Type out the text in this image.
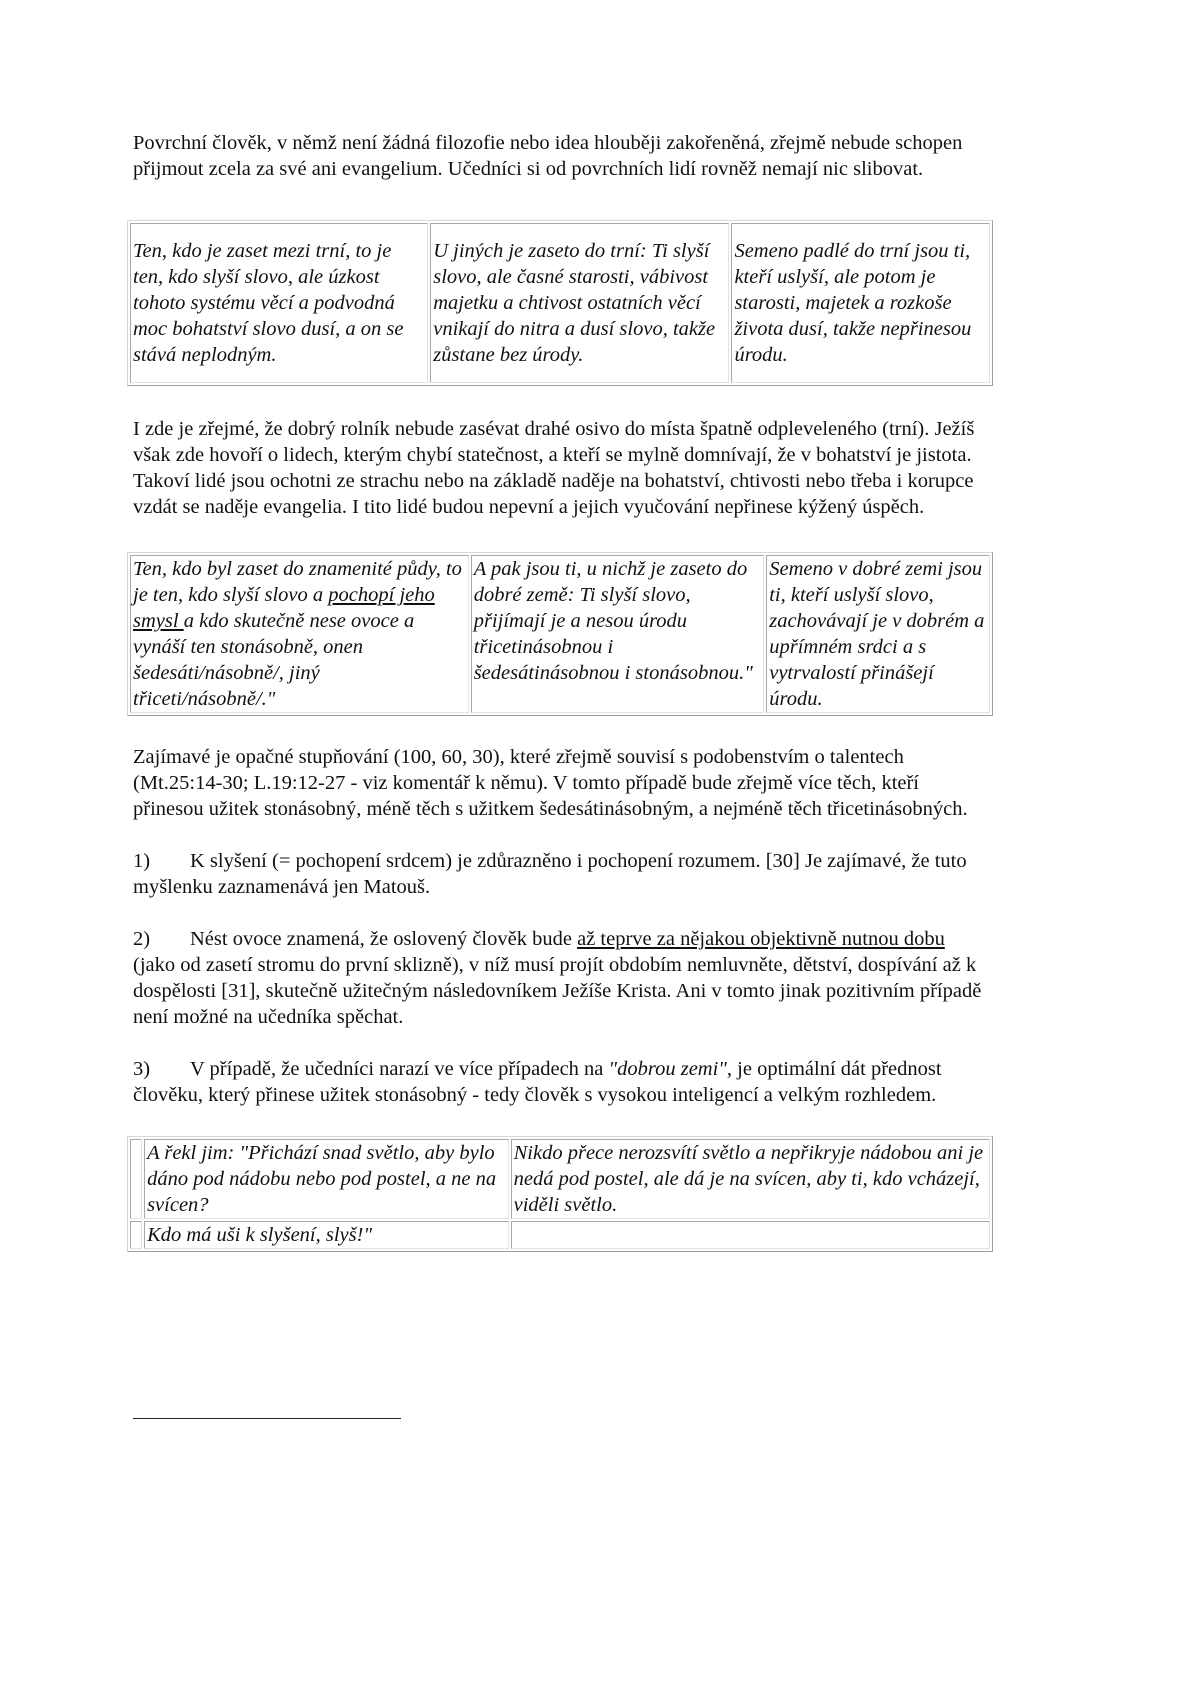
Povrchní člověk, v němž není žádná filozofie nebo idea hlouběji zakořeněná, zřejmě nebude schopen přijmout zcela za své ani evangelium. Učedníci si od povrchních lidí rovněž nemají nic slibovat.

Ten, kdo je zaset mezi trní, to je ten, kdo slyší slovo, ale úzkost tohoto systému věcí a podvodná moc bohatství slovo dusí, a on se stává neplodným.	U jiných je zaseto do trní: Ti slyší slovo, ale časné starosti, vábivost majetku a chtivost ostatních věcí vnikají do nitra a dusí slovo, takže zůstane bez úrody.	Semeno padlé do trní jsou ti, kteří uslyší, ale potom je starosti, majetek a rozkoše života dusí, takže nepřinesou úrodu.

I zde je zřejmé, že dobrý rolník nebude zasévat drahé osivo do místa špatně odpleveleného (trní). Ježíš však zde hovoří o lidech, kterým chybí statečnost, a kteří se mylně domnívají, že v bohatství je jistota. Takoví lidé jsou ochotni ze strachu nebo na základě naděje na bohatství, chtivosti nebo třeba i korupce vzdát se naděje evangelia. I tito lidé budou nepevní a jejich vyučování nepřinese kýžený úspěch.

Ten, kdo byl zaset do znamenité půdy, to je ten, kdo slyší slovo a pochopí jeho smysl a kdo skutečně nese ovoce a vynáší ten stonásobně, onen šedesáti/násobně/, jiný třiceti/násobně/."	A pak jsou ti, u nichž je zaseto do dobré země: Ti slyší slovo, přijímají je a nesou úrodu třicetinásobnou i šedesátinásobnou i stonásobnou."	Semeno v dobré zemi jsou ti, kteří uslyší slovo, zachovávají je v dobrém a upřímném srdci a s vytrvalostí přinášejí úrodu.

Zajímavé je opačné stupňování (100, 60, 30), které zřejmě souvisí s podobenstvím o talentech (Mt.25:14-30; L.19:12-27 - viz komentář k němu). V tomto případě bude zřejmě více těch, kteří přinesou užitek stonásobný, méně těch s užitkem šedesátinásobným, a nejméně těch třicetinásobných.

1) K slyšení (= pochopení srdcem) je zdůrazněno i pochopení rozumem. [30] Je zajímavé, že tuto myšlenku zaznamenává jen Matouš.

2) Nést ovoce znamená, že oslovený člověk bude až teprve za nějakou objektivně nutnou dobu (jako od zasetí stromu do první sklizně), v níž musí projít obdobím nemluvněte, dětství, dospívání až k dospělosti [31], skutečně užitečným následovníkem Ježíše Krista. Ani v tomto jinak pozitivním případě není možné na učedníka spěchat.

3) V případě, že učedníci narazí ve více případech na "dobrou zemi", je optimální dát přednost člověku, který přinese užitek stonásobný - tedy člověk s vysokou inteligencí a velkým rozhledem.

	A řekl jim: "Přichází snad světlo, aby bylo dáno pod nádobu nebo pod postel, a ne na svícen?	Nikdo přece nerozsvítí světlo a nepřikryje nádobou ani je nedá pod postel, ale dá je na svícen, aby ti, kdo vcházejí, viděli světlo.
	Kdo má uši k slyšení, slyš!"	
